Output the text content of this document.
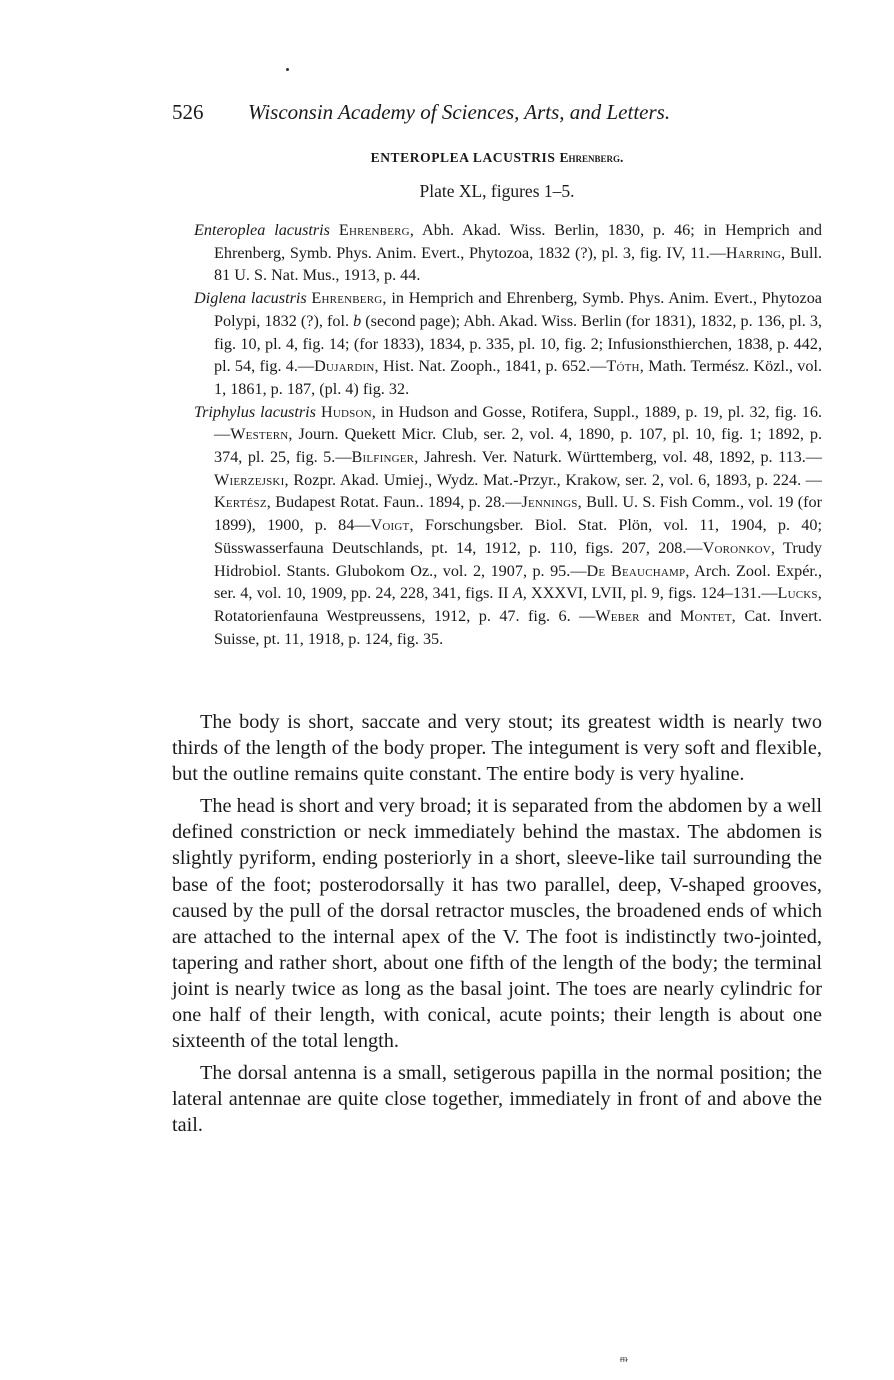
526 Wisconsin Academy of Sciences, Arts, and Letters.
ENTEROPLEA LACUSTRIS Ehrenberg.
Plate XL, figures 1–5.

Enteroplea lacustris Ehrenberg, Abh. Akad. Wiss. Berlin, 1830, p. 46; in Hemprich and Ehrenberg, Symb. Phys. Anim. Evert., Phytozoa, 1832 (?), pl. 3, fig. IV, 11.—Harring, Bull. 81 U. S. Nat. Mus., 1913, p. 44.

Diglena lacustris Ehrenberg, in Hemprich and Ehrenberg, Symb. Phys. Anim. Evert., Phytozoa Polypi, 1832 (?), fol. b (second page); Abh. Akad. Wiss. Berlin (for 1831), 1832, p. 136, pl. 3, fig. 10, pl. 4, fig. 14; (for 1833), 1834, p. 335, pl. 10, fig. 2; Infusionsthierchen, 1838, p. 442, pl. 54, fig. 4.—Dujardin, Hist. Nat. Zooph., 1841, p. 652.—Tóth, Math. Termész. Közl., vol. 1, 1861, p. 187, (pl. 4) fig. 32.

Triphylus lacustris Hudson, in Hudson and Gosse, Rotifera, Suppl., 1889, p. 19, pl. 32, fig. 16.—Western, Journ. Quekett Micr. Club, ser. 2, vol. 4, 1890, p. 107, pl. 10, fig. 1; 1892, p. 374, pl. 25, fig. 5.—Bilfinger, Jahresh. Ver. Naturk. Württemberg, vol. 48, 1892, p. 113.—Wierzejski, Rozpr. Akad. Umiej., Wydz. Mat.-Przyr., Krakow, ser. 2, vol. 6, 1893, p. 224. —Kertész, Budapest Rotat. Faun.. 1894, p. 28.—Jennings, Bull. U. S. Fish Comm., vol. 19 (for 1899), 1900, p. 84—Voigt, Forschungsber. Biol. Stat. Plön, vol. 11, 1904, p. 40; Süsswasserfauna Deutschlands, pt. 14, 1912, p. 110, figs. 207, 208.—Voronkov, Trudy Hidrobiol. Stants. Glubokom Oz., vol. 2, 1907, p. 95.—De Beauchamp, Arch. Zool. Expér., ser. 4, vol. 10, 1909, pp. 24, 228, 341, figs. II A, XXXVI, LVII, pl. 9, figs. 124–131.—Lucks, Rotatorienfauna Westpreussens, 1912, p. 47. fig. 6. —Weber and Montet, Cat. Invert. Suisse, pt. 11, 1918, p. 124, fig. 35.

The body is short, saccate and very stout; its greatest width is nearly two thirds of the length of the body proper. The integument is very soft and flexible, but the outline remains quite constant. The entire body is very hyaline.

The head is short and very broad; it is separated from the abdomen by a well defined constriction or neck immediately behind the mastax. The abdomen is slightly pyriform, ending posteriorly in a short, sleeve-like tail surrounding the base of the foot; posterodorsally it has two parallel, deep, V-shaped grooves, caused by the pull of the dorsal retractor muscles, the broadened ends of which are attached to the internal apex of the V. The foot is indistinctly two-jointed, tapering and rather short, about one fifth of the length of the body; the terminal joint is nearly twice as long as the basal joint. The toes are nearly cylindric for one half of their length, with conical, acute points; their length is about one sixteenth of the total length.

The dorsal antenna is a small, setigerous papilla in the normal position; the lateral antennae are quite close together, immediately in front of and above the tail.

ᵯ
